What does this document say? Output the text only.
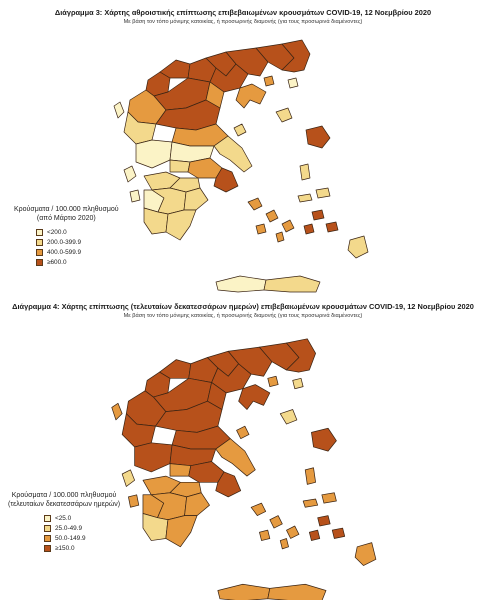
Διάγραμμα 3: Χάρτης αθροιστικής επίπτωσης επιβεβαιωμένων κρουσμάτων COVID-19, 12 Νοεμβρίου 2020
Με βάση τον τόπο μόνιμης κατοικίας, ή προσωρινής διαμονής (για τους προσωρινά διαμένοντες)
Κρούσματα / 100.000 πληθυσμού
(από Μάρτιο 2020)
<200.0
200.0-399.9
400.0-599.9
≥600.0
Διάγραμμα 4: Χάρτης επίπτωσης (τελευταίων δεκατεσσάρων ημερών) επιβεβαιωμένων κρουσμάτων COVID-19, 12 Νοεμβρίου 2020
Με βάση τον τόπο μόνιμης κατοικίας, ή προσωρινής διαμονής (για τους προσωρινά διαμένοντες)
Κρούσματα / 100.000 πληθυσμού
(τελευταίων δεκατεσσάρων ημερών)
<25.0
25.0-49.9
50.0-149.9
≥150.0
